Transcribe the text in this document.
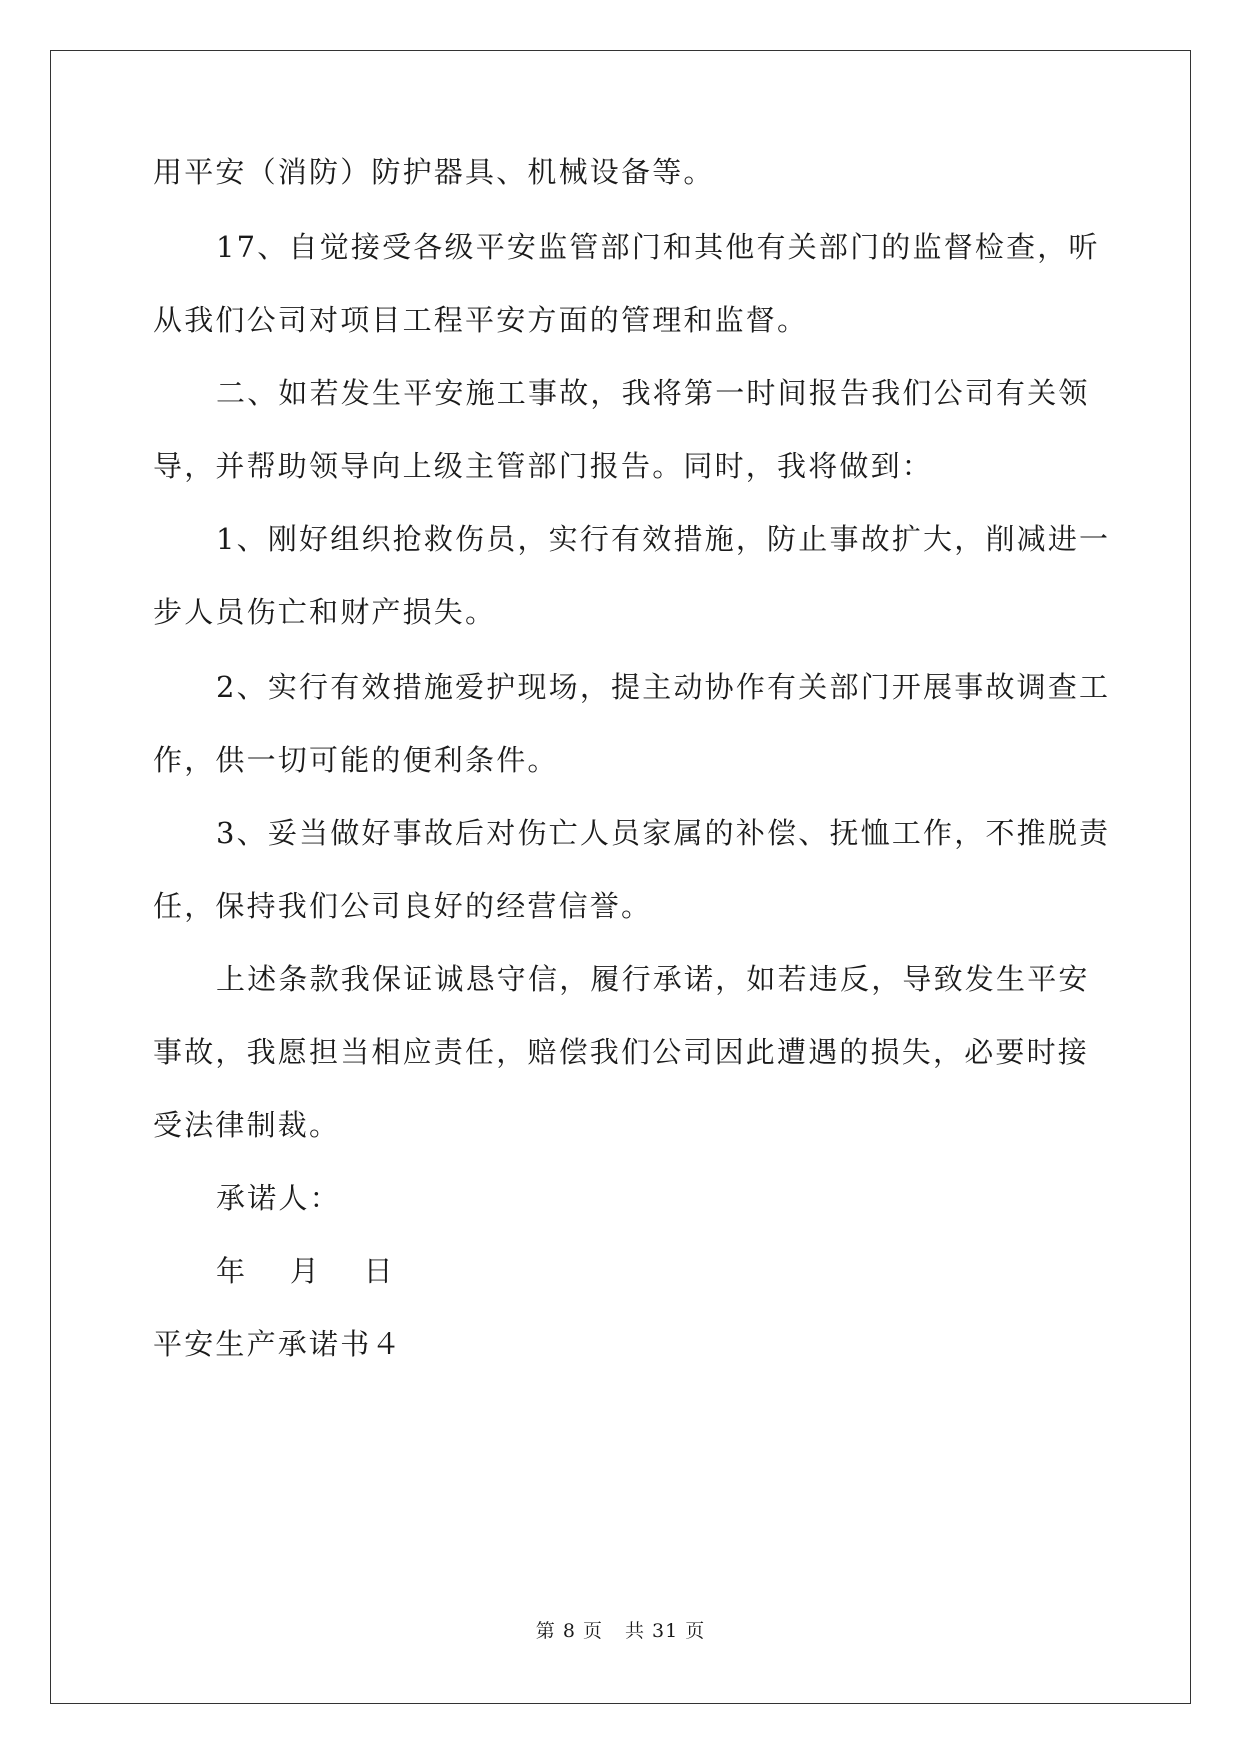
用平安（消防）防护器具、机械设备等。

17、自觉接受各级平安监管部门和其他有关部门的监督检查，听

从我们公司对项目工程平安方面的管理和监督。

二、如若发生平安施工事故，我将第一时间报告我们公司有关领

导，并帮助领导向上级主管部门报告。同时，我将做到：

1、刚好组织抢救伤员，实行有效措施，防止事故扩大，削减进一

步人员伤亡和财产损失。

2、实行有效措施爱护现场，提主动协作有关部门开展事故调查工

作，供一切可能的便利条件。

3、妥当做好事故后对伤亡人员家属的补偿、抚恤工作，不推脱责

任，保持我们公司良好的经营信誉。

上述条款我保证诚恳守信，履行承诺，如若违反，导致发生平安

事故，我愿担当相应责任，赔偿我们公司因此遭遇的损失，必要时接

受法律制裁。

承诺人：

年　 月　 日

平安生产承诺书４

第 8 页 共 31 页
